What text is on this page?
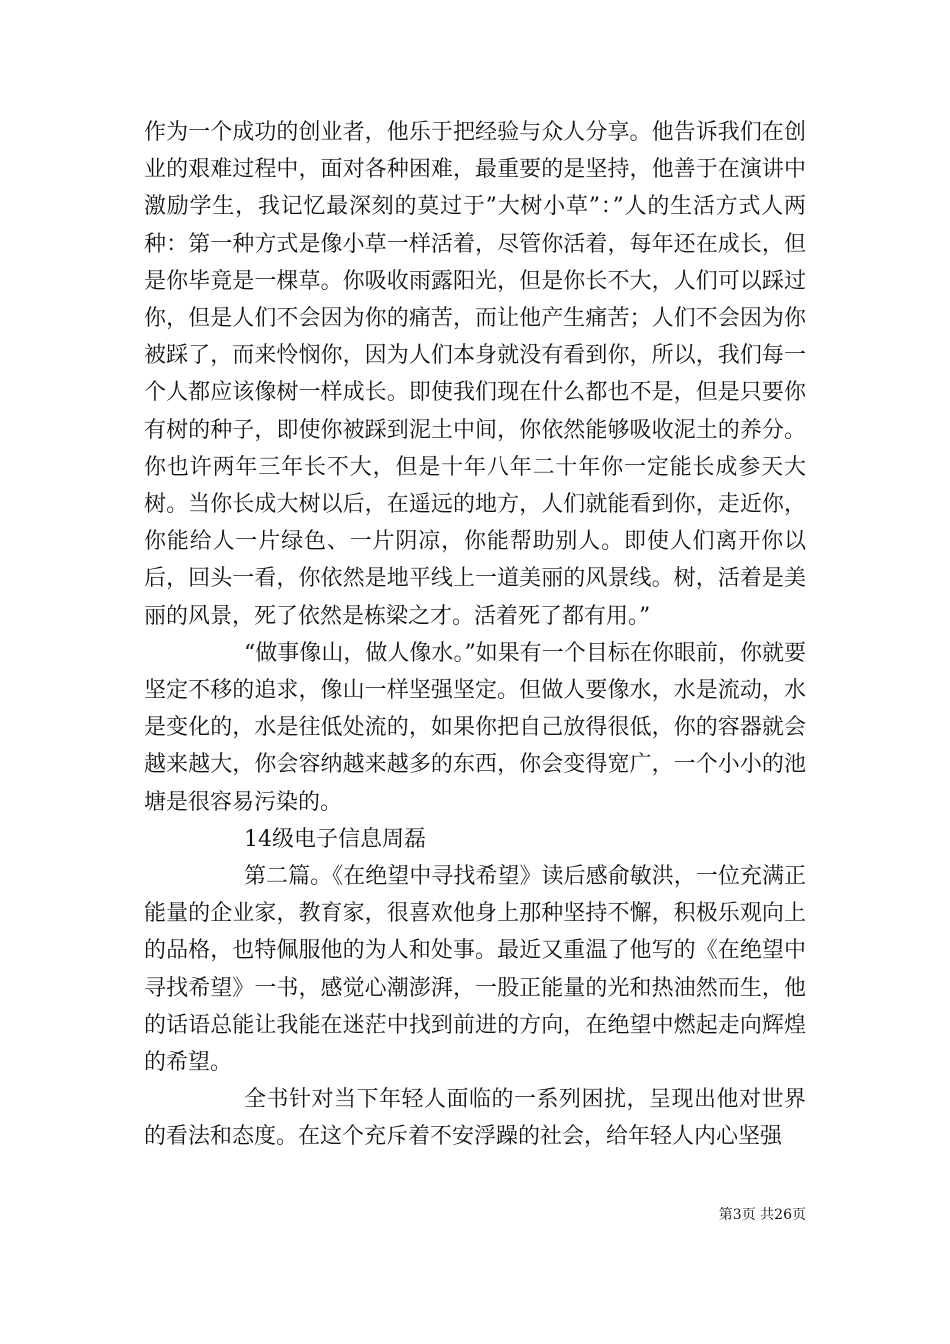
作为一个成功的创业者，他乐于把经验与众人分享。他告诉我们在创业的艰难过程中，面对各种困难，最重要的是坚持，他善于在演讲中激励学生，我记忆最深刻的莫过于”大树小草”：”人的生活方式人两种：第一种方式是像小草一样活着，尽管你活着，每年还在成长，但是你毕竟是一棵草。你吸收雨露阳光，但是你长不大，人们可以踩过你，但是人们不会因为你的痛苦，而让他产生痛苦；人们不会因为你被踩了，而来怜悯你，因为人们本身就没有看到你，所以，我们每一个人都应该像树一样成长。即使我们现在什么都也不是，但是只要你有树的种子，即使你被踩到泥土中间，你依然能够吸收泥土的养分。你也许两年三年长不大，但是十年八年二十年你一定能长成参天大树。当你长成大树以后，在遥远的地方，人们就能看到你，走近你，你能给人一片绿色、一片阴凉，你能帮助别人。即使人们离开你以后，回头一看，你依然是地平线上一道美丽的风景线。树，活着是美丽的风景，死了依然是栋梁之才。活着死了都有用。”

“做事像山，做人像水。”如果有一个目标在你眼前，你就要坚定不移的追求，像山一样坚强坚定。但做人要像水，水是流动，水是变化的，水是往低处流的，如果你把自己放得很低，你的容器就会越来越大，你会容纳越来越多的东西，你会变得宽广，一个小小的池塘是很容易污染的。

14级电子信息周磊

第二篇。《在绝望中寻找希望》读后感俞敏洪，一位充满正能量的企业家，教育家，很喜欢他身上那种坚持不懈，积极乐观向上的品格，也特佩服他的为人和处事。最近又重温了他写的《在绝望中寻找希望》一书，感觉心潮澎湃，一股正能量的光和热油然而生，他的话语总能让我能在迷茫中找到前进的方向，在绝望中燃起走向辉煌的希望。

全书针对当下年轻人面临的一系列困扰，呈现出他对世界的看法和态度。在这个充斥着不安浮躁的社会，给年轻人内心坚强

第3页 共26页
